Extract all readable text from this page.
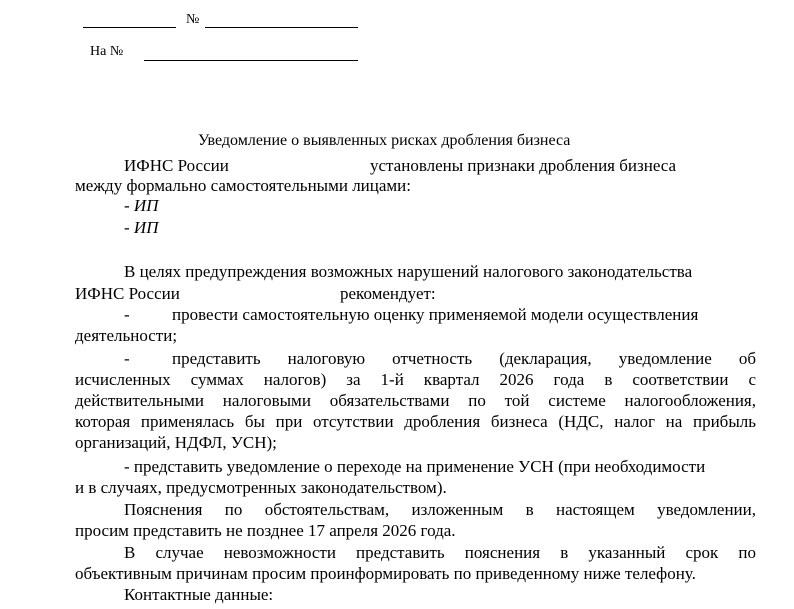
№
На №
Уведомление о выявленных рисках дробления бизнеса
ИФНС России	установлены признаки дробления бизнеса
между формально самостоятельными лицами:
- ИП
- ИП
В целях предупреждения возможных нарушений налогового законодательства
ИФНС России	рекомендует:
- провести самостоятельную оценку применяемой модели осуществления
деятельности;
- представить налоговую отчетность (декларация, уведомление об
исчисленных суммах налогов) за 1-й квартал 2026 года в соответствии с
действительными налоговыми обязательствами по той системе налогообложения,
которая применялась бы при отсутствии дробления бизнеса (НДС, налог на прибыль
организаций, НДФЛ, УСН);
- представить уведомление о переходе на применение УСН (при необходимости
и в случаях, предусмотренных законодательством).
Пояснения по обстоятельствам, изложенным в настоящем уведомлении,
просим представить не позднее 17 апреля 2026 года.
В случае невозможности представить пояснения в указанный срок по
объективным причинам просим проинформировать по приведенному ниже телефону.
Контактные данные:
